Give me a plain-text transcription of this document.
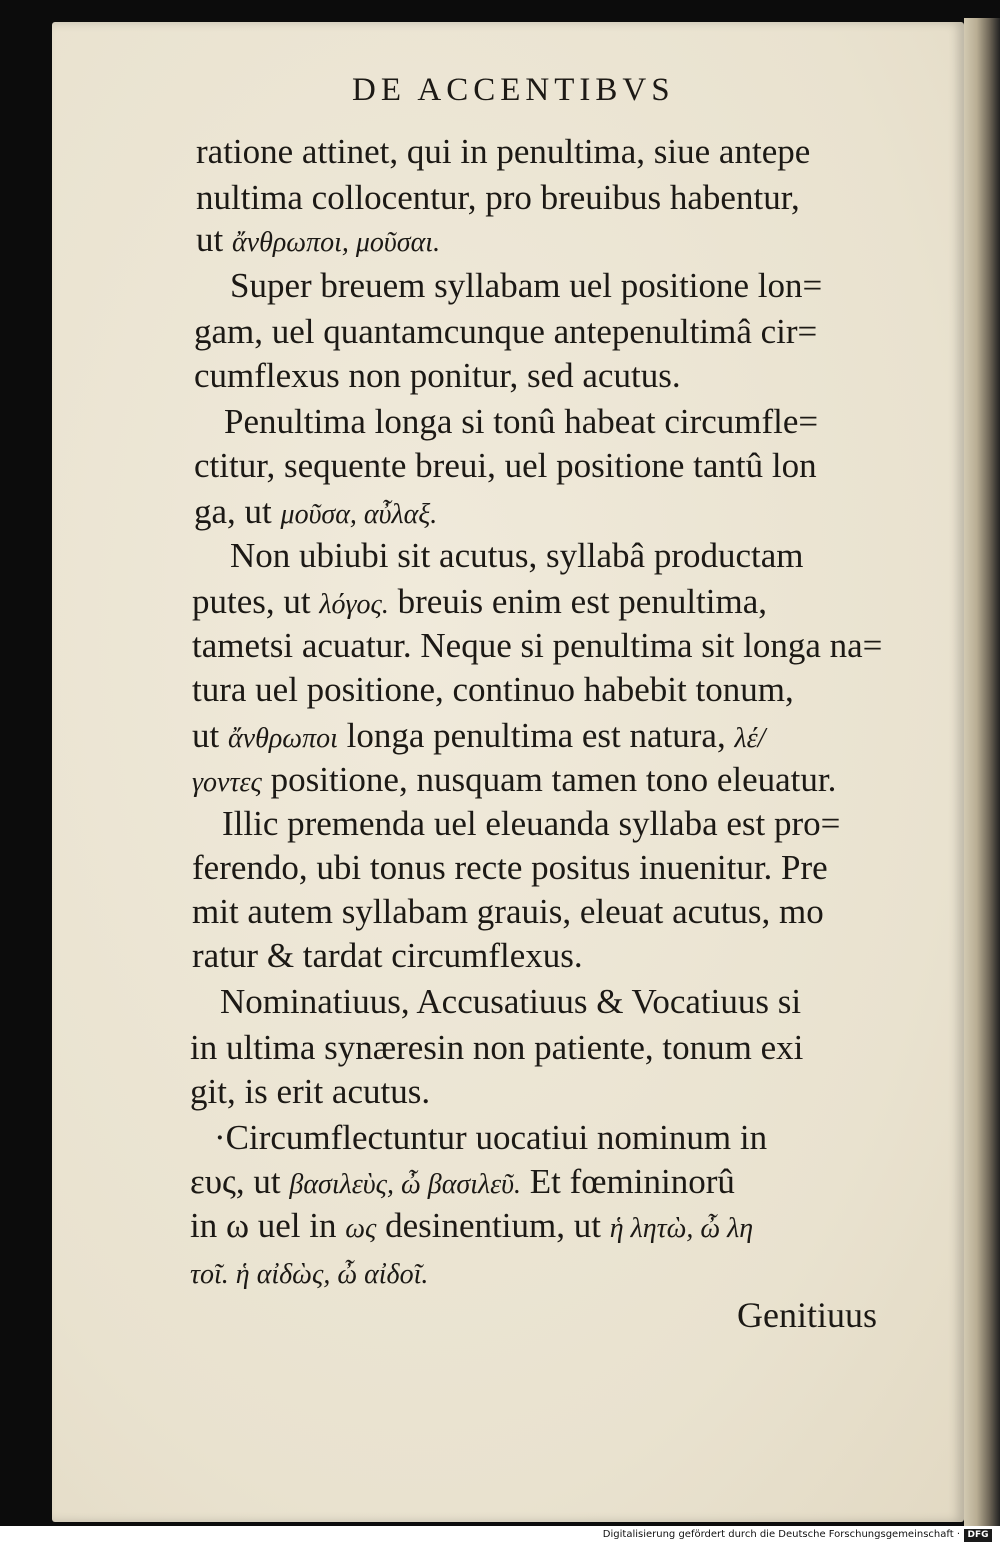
DE ACCENTIBVS
ratione attinet, qui in penultima, siue antepe
nultima collocentur, pro breuibus habentur,
ut ἄνθρωποι, μοῦσαι.
Super breuem syllabam uel positione lon=
gam, uel quantamcunque antepenultimâ cir=
cumflexus non ponitur, sed acutus.
Penultima longa si tonû habeat circumfle=
ctitur, sequente breui, uel positione tantû lon
ga, ut μοῦσα, αὖλαξ.
Non ubiubi sit acutus, syllabâ productam
putes, ut λόγος. breuis enim est penultima,
tametsi acuatur. Neque si penultima sit longa na=
tura uel positione, continuo habebit tonum,
ut ἄνθρωποι longa penultima est natura, λέ/
γοντες positione, nusquam tamen tono eleuatur.
Illic premenda uel eleuanda syllaba est pro=
ferendo, ubi tonus recte positus inuenitur. Pre
mit autem syllabam grauis, eleuat acutus, mo
ratur & tardat circumflexus.
Nominatiuus, Accusatiuus & Vocatiuus si
in ultima synæresin non patiente, tonum exi
git, is erit acutus.
·Circumflectuntur uocatiui nominum in
ευς, ut βασιλεὺς, ὦ βασιλεῦ. Et fœmininorû
in ω uel in ως desinentium, ut ἡ λητὼ, ὦ λη
τοῖ. ἡ αἰδὼς, ὦ αἰδοῖ.
Genitiuus
Digitalisierung gefördert durch die Deutsche Forschungsgemeinschaft · DFG
